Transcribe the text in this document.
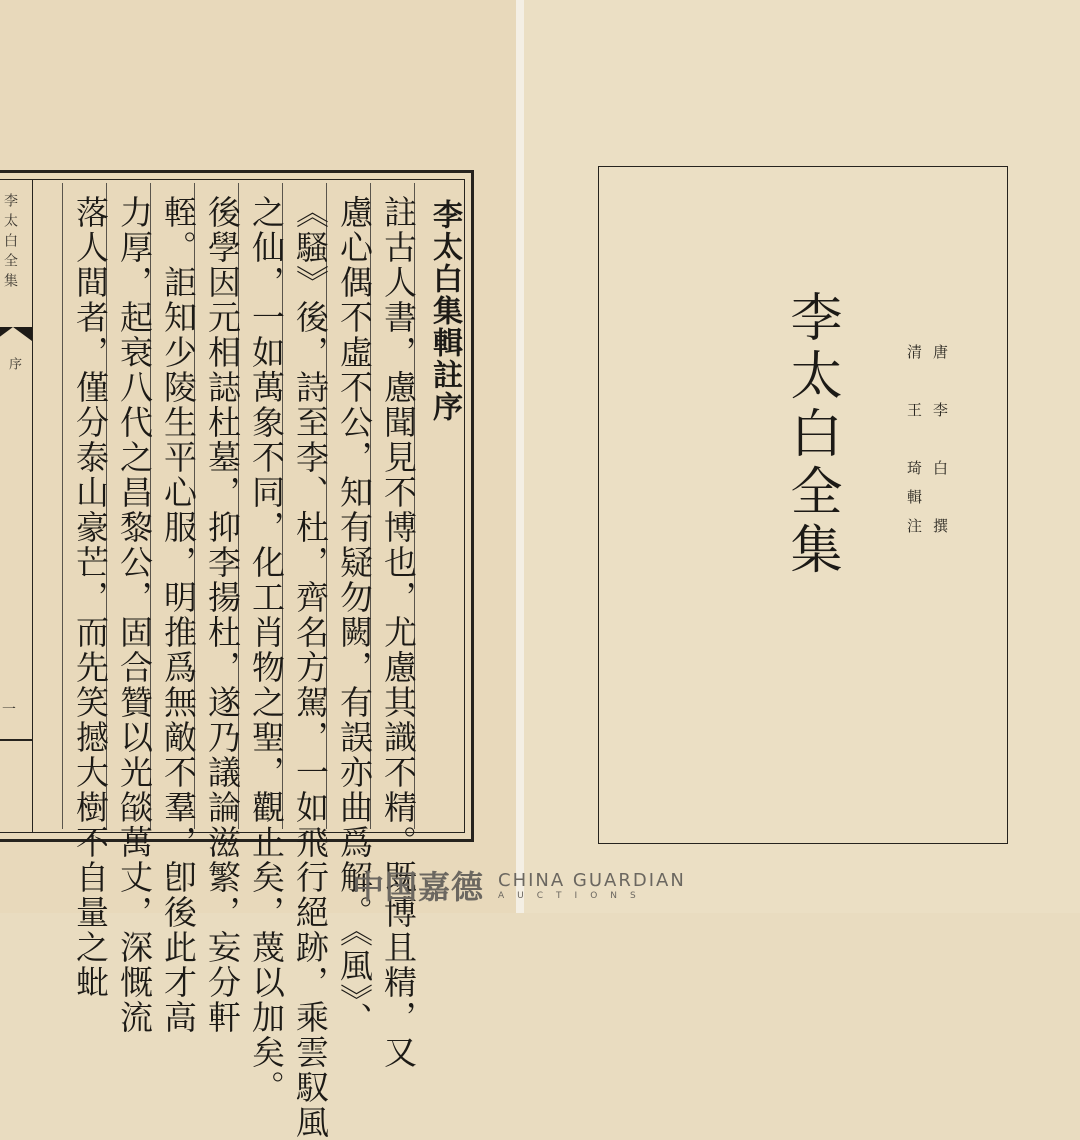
李太白全集
序
一
李太白集輯註序
註古人書，慮聞見不博也，尤慮其識不精。既博且精，又
慮心偶不虛不公，知有疑勿闕，有誤亦曲爲解。《風》、
《騷》後，詩至李、杜，齊名方駕，一如飛行絕跡，乘雲馭風
之仙，一如萬象不同，化工肖物之聖，觀止矣，蔑以加矣。
後學因元相誌杜墓，抑李揚杜，遂乃議論滋繁，妄分軒
輊。詎知少陵生平心服，明推爲無敵不羣，卽後此才高
力厚，起衰八代之昌黎公，固合贊以光燄萬丈，深慨流
落人間者，僅分泰山豪芒，而先笑撼大樹不自量之蚍	李太白全集	唐　李　白　撰
清　王　琦輯注
中国嘉德 CHINA GUARDIAN
AUCTIONS
